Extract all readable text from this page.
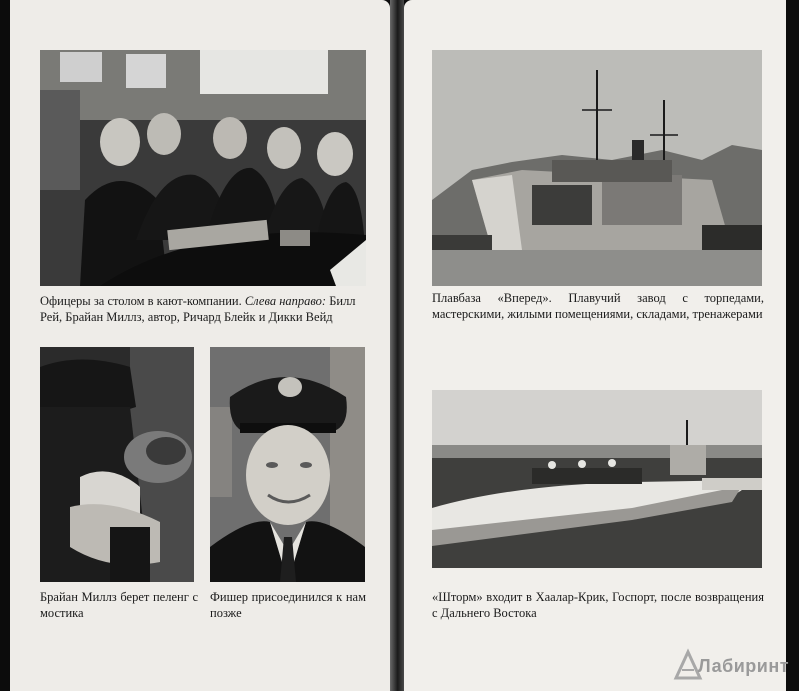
Офицеры за столом в кают-компании. Слева направо: Билл Рей, Брайан Миллз, автор, Ричард Блейк и Дикки Вейд
Брайан Миллз берет пеленг с мостика
Фишер присоединился к нам позже
Плавбаза «Вперед». Плавучий завод с торпедами, мастерскими, жилыми помещениями, складами, тренажерами
«Шторм» входит в Хаалар-Крик, Госпорт, после возвращения с Дальнего Востока
Лабиринт
